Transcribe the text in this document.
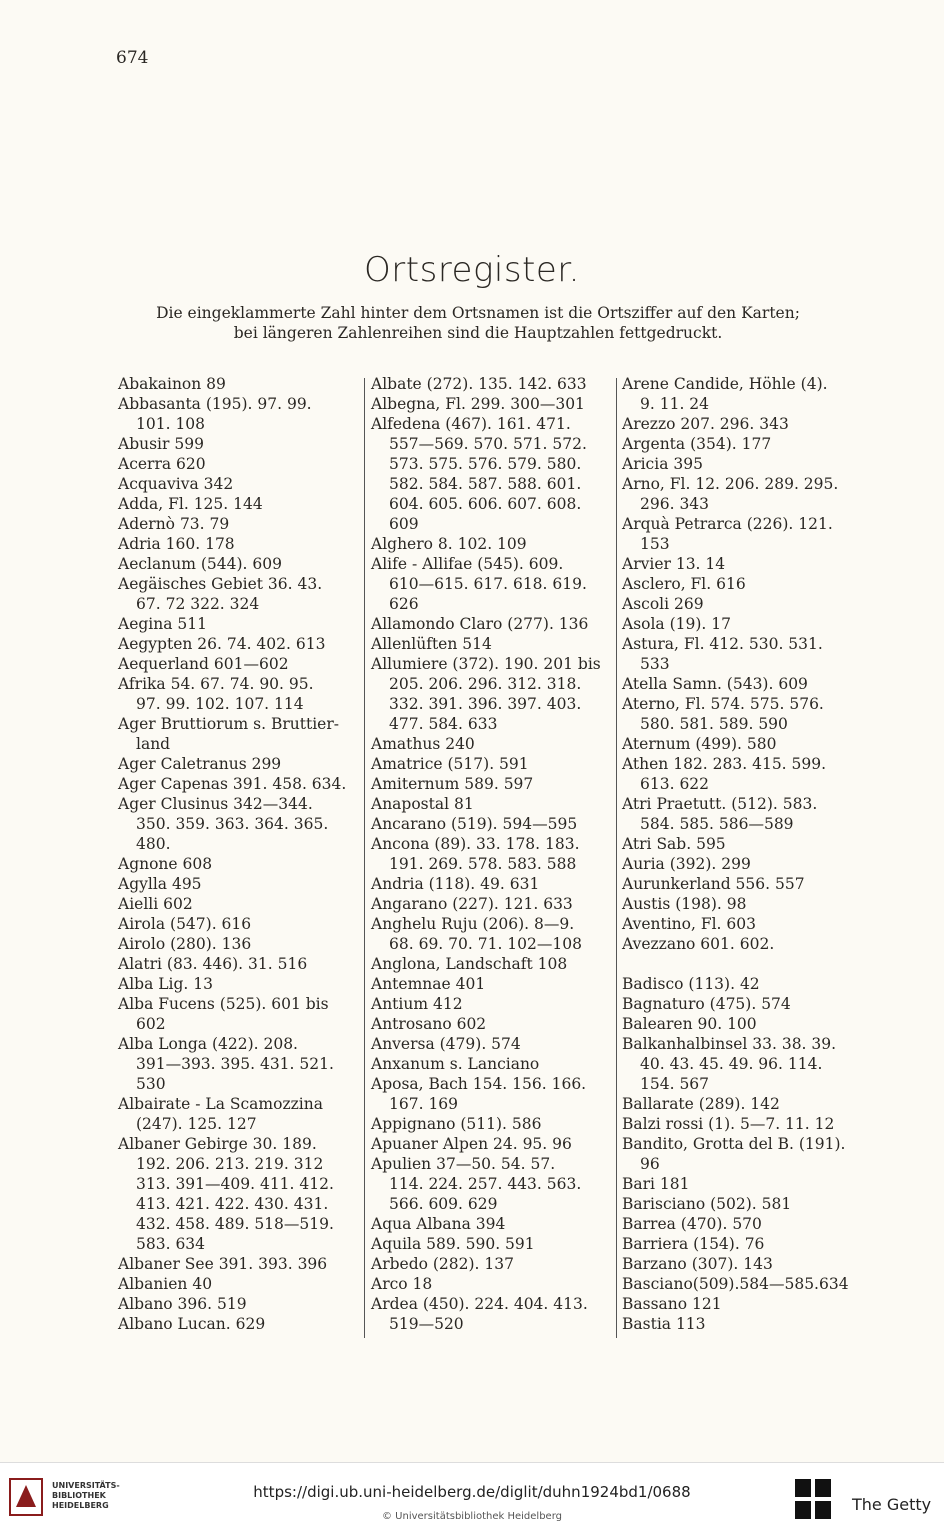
674
Ortsregister.
Die eingeklammerte Zahl hinter dem Ortsnamen ist die Ortsziffer auf den Karten;
bei längeren Zahlenreihen sind die Hauptzahlen fettgedruckt.
Abakainon 89
Abbasanta (195). 97. 99.
101. 108
Abusir 599
Acerra 620
Acquaviva 342
Adda, Fl. 125. 144
Adernò 73. 79
Adria 160. 178
Aeclanum (544). 609
Aegäisches Gebiet 36. 43.
67. 72 322. 324
Aegina 511
Aegypten 26. 74. 402. 613
Aequerland 601—602
Afrika 54. 67. 74. 90. 95.
97. 99. 102. 107. 114
Ager Bruttiorum s. Bruttier-
land
Ager Caletranus 299
Ager Capenas 391. 458. 634.
Ager Clusinus 342—344.
350. 359. 363. 364. 365.
480.
Agnone 608
Agylla 495
Aielli 602
Airola (547). 616
Airolo (280). 136
Alatri (83. 446). 31. 516
Alba Lig. 13
Alba Fucens (525). 601 bis
602
Alba Longa (422). 208.
391—393. 395. 431. 521.
530
Albairate - La Scamozzina
(247). 125. 127
Albaner Gebirge 30. 189.
192. 206. 213. 219. 312
313. 391—409. 411. 412.
413. 421. 422. 430. 431.
432. 458. 489. 518—519.
583. 634
Albaner See 391. 393. 396
Albanien 40
Albano 396. 519
Albano Lucan. 629
Albate (272). 135. 142. 633
Albegna, Fl. 299. 300—301
Alfedena (467). 161. 471.
557—569. 570. 571. 572.
573. 575. 576. 579. 580.
582. 584. 587. 588. 601.
604. 605. 606. 607. 608.
609
Alghero 8. 102. 109
Alife - Allifae (545). 609.
610—615. 617. 618. 619.
626
Allamondo Claro (277). 136
Allenlüften 514
Allumiere (372). 190. 201 bis
205. 206. 296. 312. 318.
332. 391. 396. 397. 403.
477. 584. 633
Amathus 240
Amatrice (517). 591
Amiternum 589. 597
Anapostal 81
Ancarano (519). 594—595
Ancona (89). 33. 178. 183.
191. 269. 578. 583. 588
Andria (118). 49. 631
Angarano (227). 121. 633
Anghelu Ruju (206). 8—9.
68. 69. 70. 71. 102—108
Anglona, Landschaft 108
Antemnae 401
Antium 412
Antrosano 602
Anversa (479). 574
Anxanum s. Lanciano
Aposa, Bach 154. 156. 166.
167. 169
Appignano (511). 586
Apuaner Alpen 24. 95. 96
Apulien 37—50. 54. 57.
114. 224. 257. 443. 563.
566. 609. 629
Aqua Albana 394
Aquila 589. 590. 591
Arbedo (282). 137
Arco 18
Ardea (450). 224. 404. 413.
519—520
Arene Candide, Höhle (4).
9. 11. 24
Arezzo 207. 296. 343
Argenta (354). 177
Aricia 395
Arno, Fl. 12. 206. 289. 295.
296. 343
Arquà Petrarca (226). 121.
153
Arvier 13. 14
Asclero, Fl. 616
Ascoli 269
Asola (19). 17
Astura, Fl. 412. 530. 531.
533
Atella Samn. (543). 609
Aterno, Fl. 574. 575. 576.
580. 581. 589. 590
Aternum (499). 580
Athen 182. 283. 415. 599.
613. 622
Atri Praetutt. (512). 583.
584. 585. 586—589
Atri Sab. 595
Auria (392). 299
Aurunkerland 556. 557
Austis (198). 98
Aventino, Fl. 603
Avezzano 601. 602.
Badisco (113). 42
Bagnaturo (475). 574
Balearen 90. 100
Balkanhalbinsel 33. 38. 39.
40. 43. 45. 49. 96. 114.
154. 567
Ballarate (289). 142
Balzi rossi (1). 5—7. 11. 12
Bandito, Grotta del B. (191).
96
Bari 181
Barisciano (502). 581
Barrea (470). 570
Barriera (154). 76
Barzano (307). 143
Basciano(509).584—585.634
Bassano 121
Bastia 113
UNIVERSITÄTS-
BIBLIOTHEK
HEIDELBERG
https://digi.ub.uni-heidelberg.de/diglit/duhn1924bd1/0688
© Universitätsbibliothek Heidelberg
The Getty
